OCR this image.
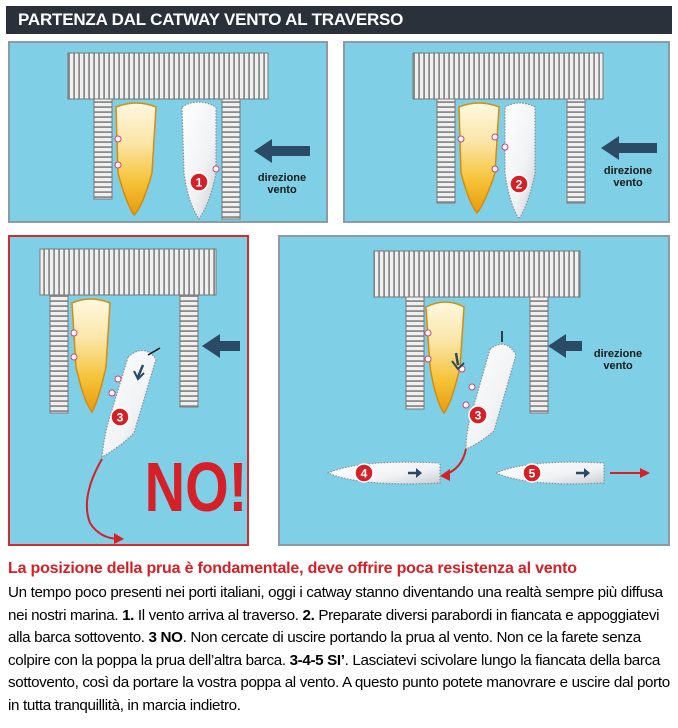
PARTENZA DAL CATWAY VENTO AL TRAVERSO
1	direzione
vento	2
direzione
vento
3
NO!
3
direzione
vento
4	5
La posizione della prua è fondamentale, deve offrire poca resistenza al vento
Un tempo poco presenti nei porti italiani, oggi i catway stanno diventando una realtà sempre più diffusa nei nostri marina. 1. Il vento arriva al traverso. 2. Preparate diversi parabordi in fiancata e appoggiatevi alla barca sottovento. 3 NO. Non cercate di uscire portando la prua al vento. Non ce la farete senza colpire con la poppa la prua dell’altra barca. 3-4-5 SI’. Lasciatevi scivolare lungo la fiancata della barca sottovento, così da portare la vostra poppa al vento. A questo punto potete manovrare e uscire dal porto in tutta tranquillità, in marcia indietro.
